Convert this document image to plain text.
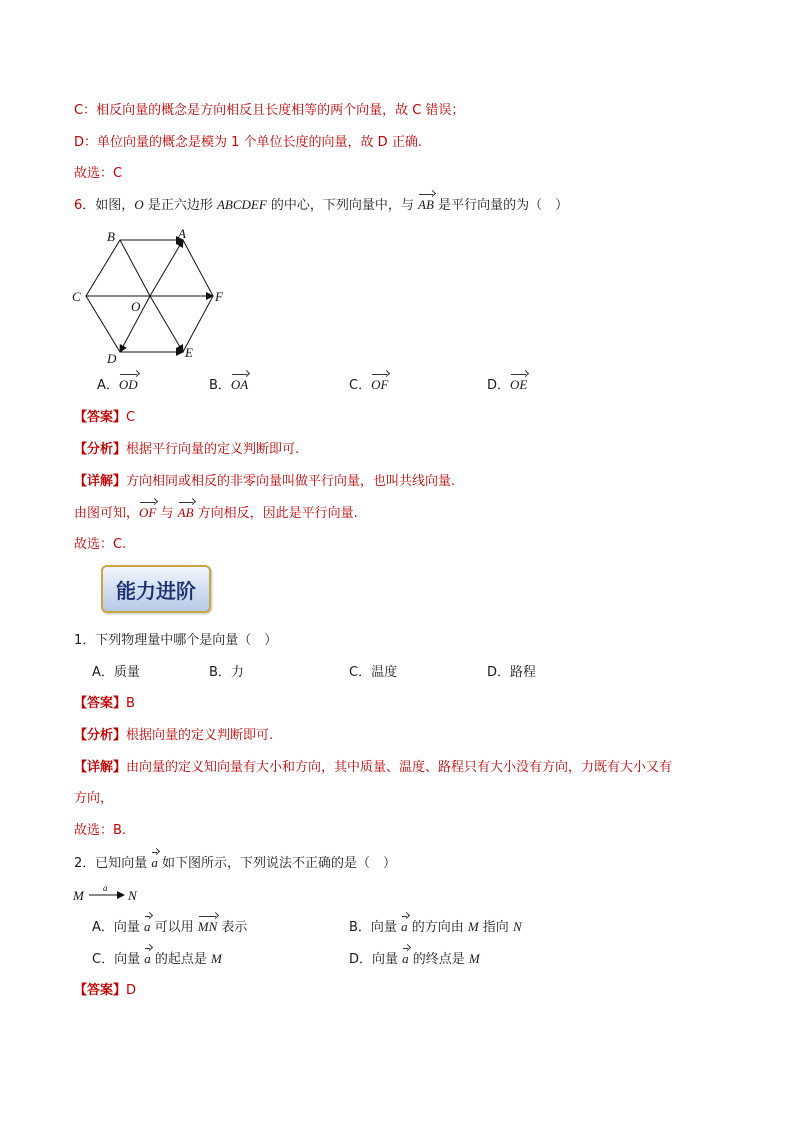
C：相反向量的概念是方向相反且长度相等的两个向量，故 C 错误；
D：单位向量的概念是模为 1 个单位长度的向量，故 D 正确.
故选：C
6．如图，O 是正六边形 ABCDEF 的中心，下列向量中，与 AB 是平行向量的为（　）
A
B
C
O
F
D	E
A．OD	B．OA	C．OF	D．OE
【答案】C
【分析】根据平行向量的定义判断即可.
【详解】方向相同或相反的非零向量叫做平行向量，也叫共线向量.
由图可知，OF 与 AB 方向相反，因此是平行向量.
故选：C.
能力进阶
1．下列物理量中哪个是向量（　）
A．质量	B．力	C．温度	D．路程
【答案】B
【分析】根据向量的定义判断即可.
【详解】由向量的定义知向量有大小和方向，其中质量、温度、路程只有大小没有方向，力既有大小又有
方向，
故选：B.
2．已知向量 a 如下图所示，下列说法不正确的是（　）
M a N
A．向量 a 可以用 MN 表示	B．向量 a 的方向由 M 指向 N
C．向量 a 的起点是 M	D．向量 a 的终点是 M
【答案】D
